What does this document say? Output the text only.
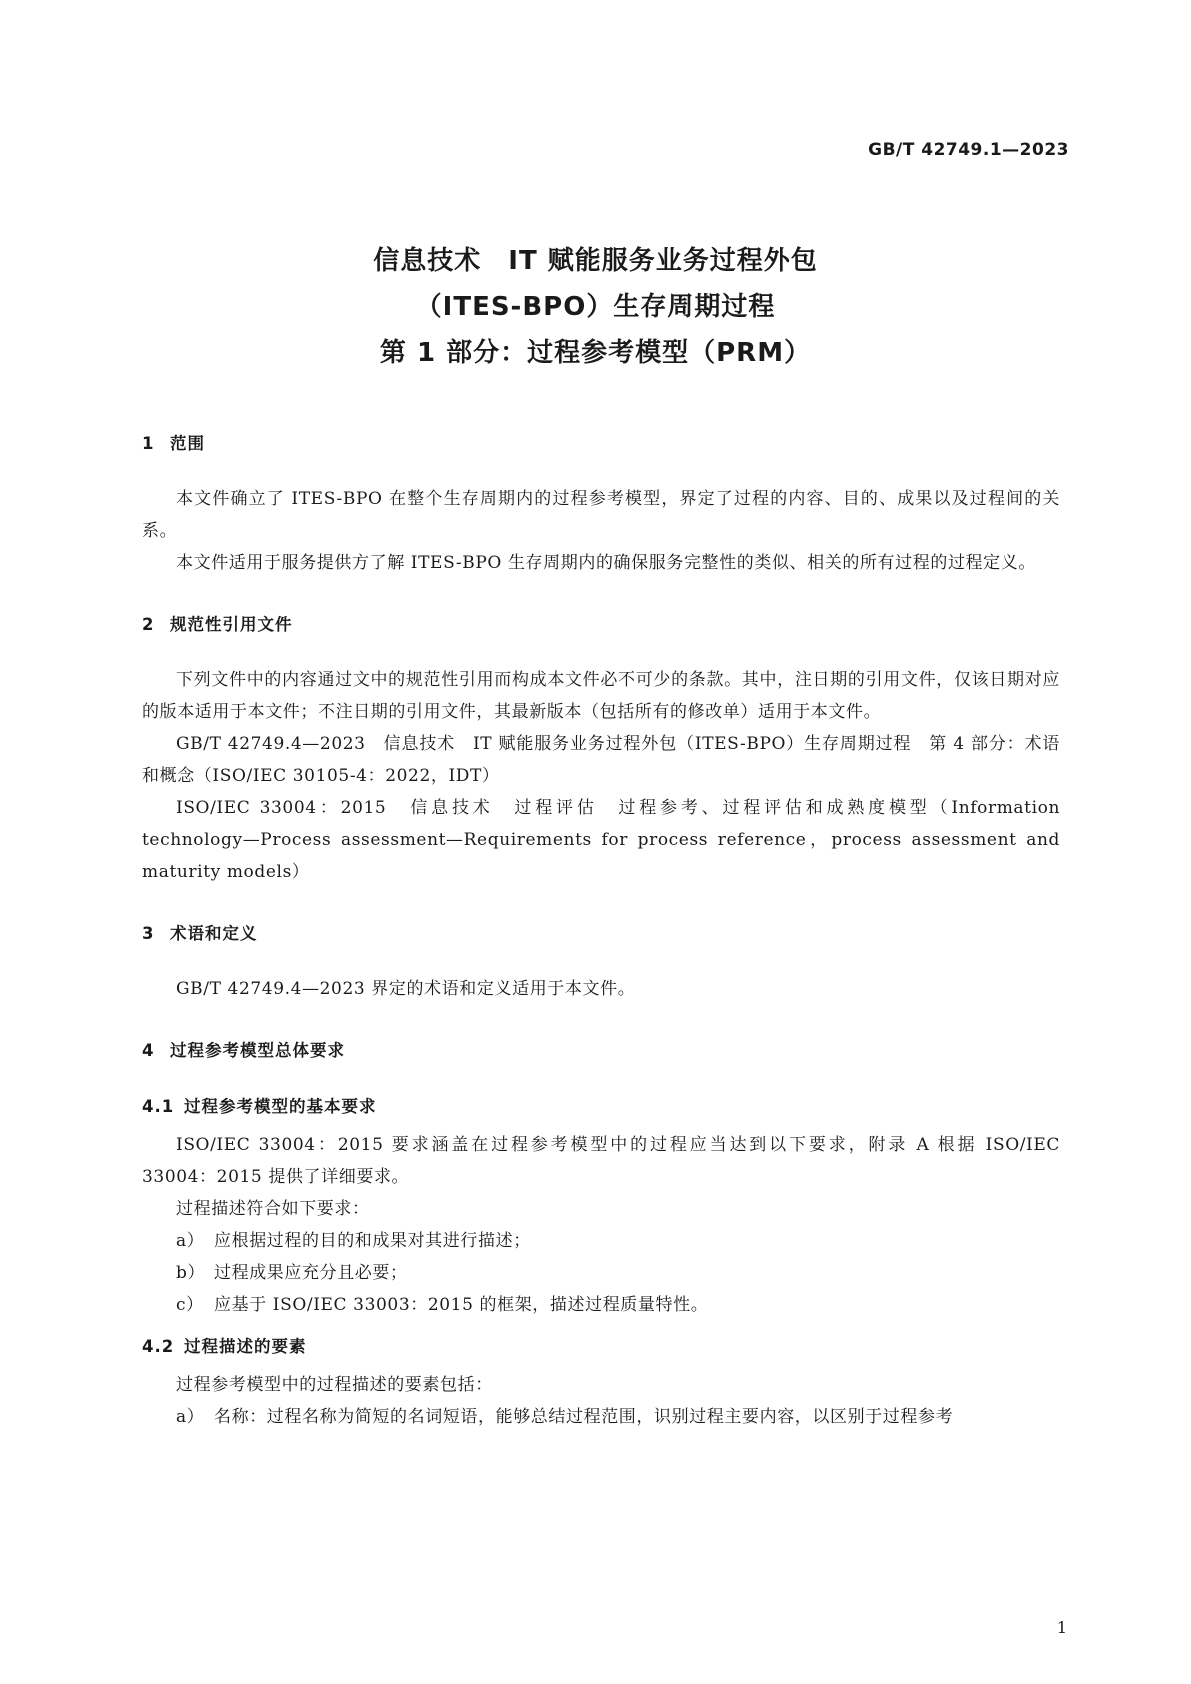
GB/T 42749.1—2023
信息技术　IT 赋能服务业务过程外包
（ITES-BPO）生存周期过程
第 1 部分：过程参考模型（PRM）
1 范围
本文件确立了 ITES-BPO 在整个生存周期内的过程参考模型，界定了过程的内容、目的、成果以及过程间的关系。
本文件适用于服务提供方了解 ITES-BPO 生存周期内的确保服务完整性的类似、相关的所有过程的过程定义。
2 规范性引用文件
下列文件中的内容通过文中的规范性引用而构成本文件必不可少的条款。其中，注日期的引用文件，仅该日期对应的版本适用于本文件；不注日期的引用文件，其最新版本（包括所有的修改单）适用于本文件。
GB/T 42749.4—2023　信息技术　IT 赋能服务业务过程外包（ITES-BPO）生存周期过程　第 4 部分：术语和概念（ISO/IEC 30105-4：2022，IDT）
ISO/IEC 33004：2015　信息技术　过程评估　过程参考、过程评估和成熟度模型（Information technology—Process assessment—Requirements for process reference，process assessment and maturity models）
3 术语和定义
GB/T 42749.4—2023 界定的术语和定义适用于本文件。
4 过程参考模型总体要求
4.1 过程参考模型的基本要求
ISO/IEC 33004：2015 要求涵盖在过程参考模型中的过程应当达到以下要求，附录 A 根据 ISO/IEC 33004：2015 提供了详细要求。
过程描述符合如下要求：
a） 应根据过程的目的和成果对其进行描述；
b） 过程成果应充分且必要；
c） 应基于 ISO/IEC 33003：2015 的框架，描述过程质量特性。
4.2 过程描述的要素
过程参考模型中的过程描述的要素包括：
a） 名称：过程名称为简短的名词短语，能够总结过程范围，识别过程主要内容，以区别于过程参考
1
